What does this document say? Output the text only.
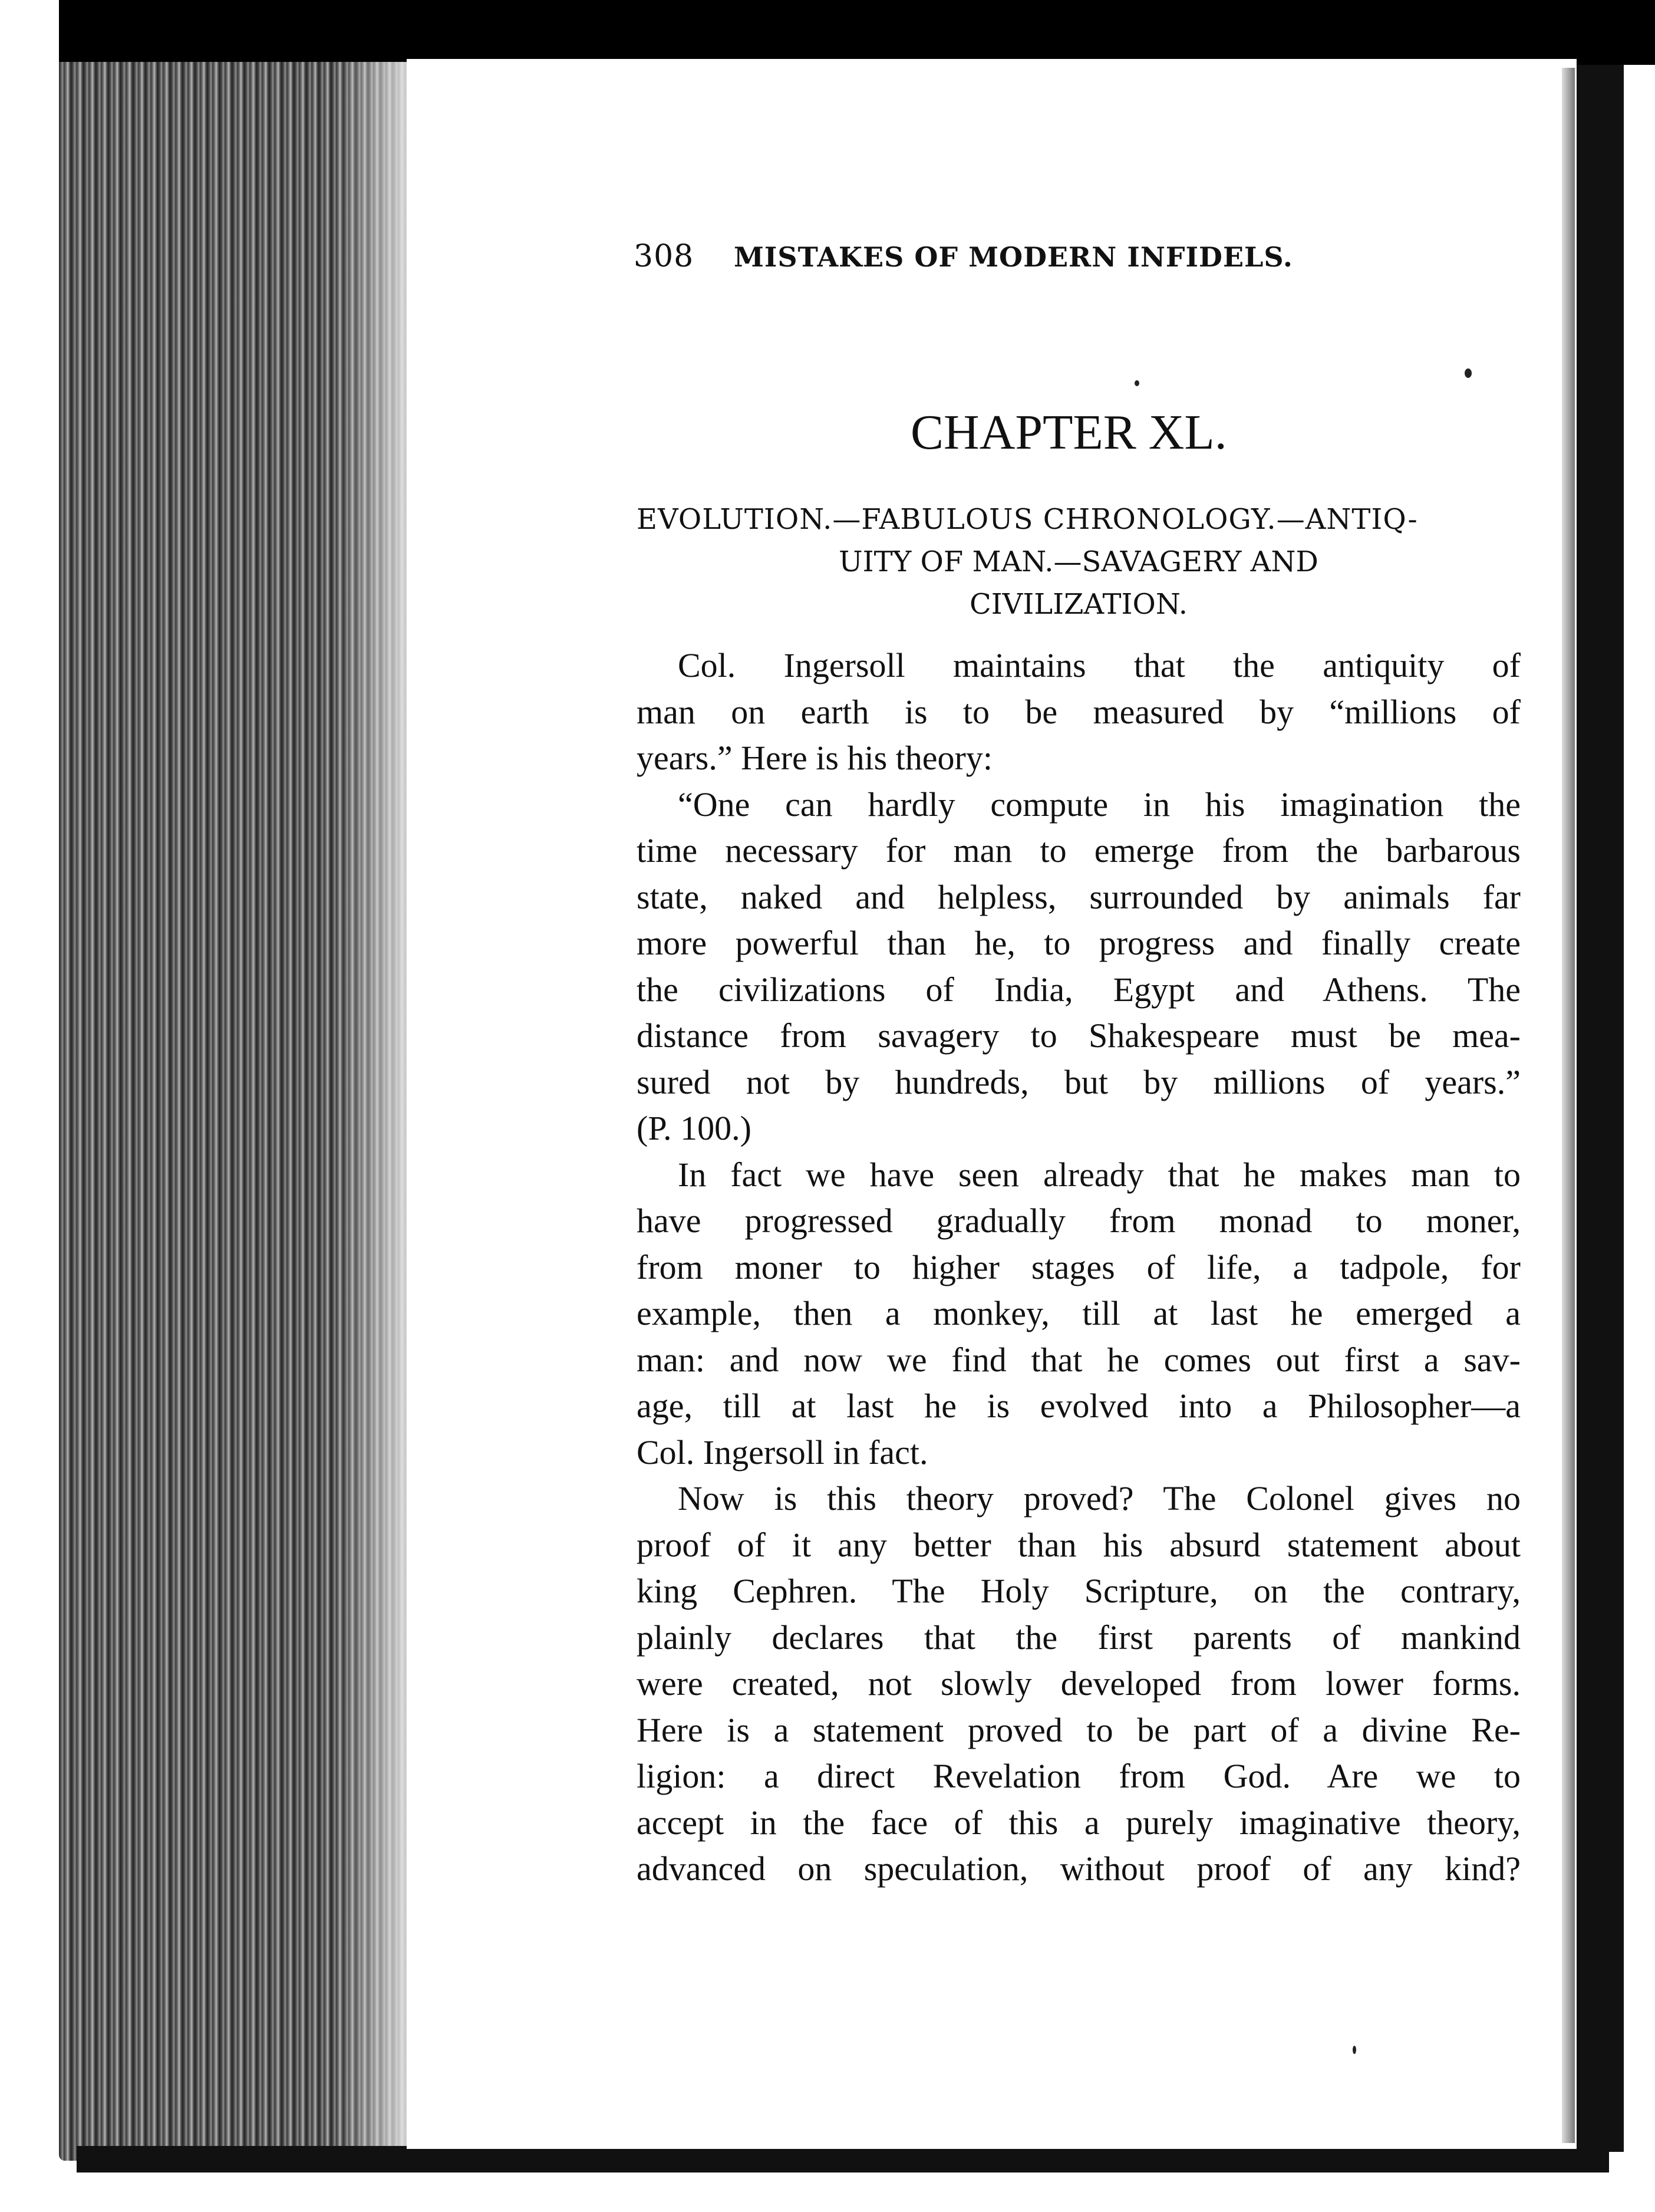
308 MISTAKES OF MODERN INFIDELS.
CHAPTER XL.
EVOLUTION.—FABULOUS CHRONOLOGY.—ANTIQ-
UITY OF MAN.—SAVAGERY AND
CIVILIZATION.
Col. Ingersoll maintains that the antiquity of
man on earth is to be measured by “millions of
years.” Here is his theory:
“One can hardly compute in his imagination the
time necessary for man to emerge from the barbarous
state, naked and helpless, surrounded by animals far
more powerful than he, to progress and finally create
the civilizations of India, Egypt and Athens. The
distance from savagery to Shakespeare must be mea-
sured not by hundreds, but by millions of years.”
(P. 100.)
In fact we have seen already that he makes man to
have progressed gradually from monad to moner,
from moner to higher stages of life, a tadpole, for
example, then a monkey, till at last he emerged a
man: and now we find that he comes out first a sav-
age, till at last he is evolved into a Philosopher—a
Col. Ingersoll in fact.
Now is this theory proved? The Colonel gives no
proof of it any better than his absurd statement about
king Cephren. The Holy Scripture, on the contrary,
plainly declares that the first parents of mankind
were created, not slowly developed from lower forms.
Here is a statement proved to be part of a divine Re-
ligion: a direct Revelation from God. Are we to
accept in the face of this a purely imaginative theory,
advanced on speculation, without proof of any kind?
